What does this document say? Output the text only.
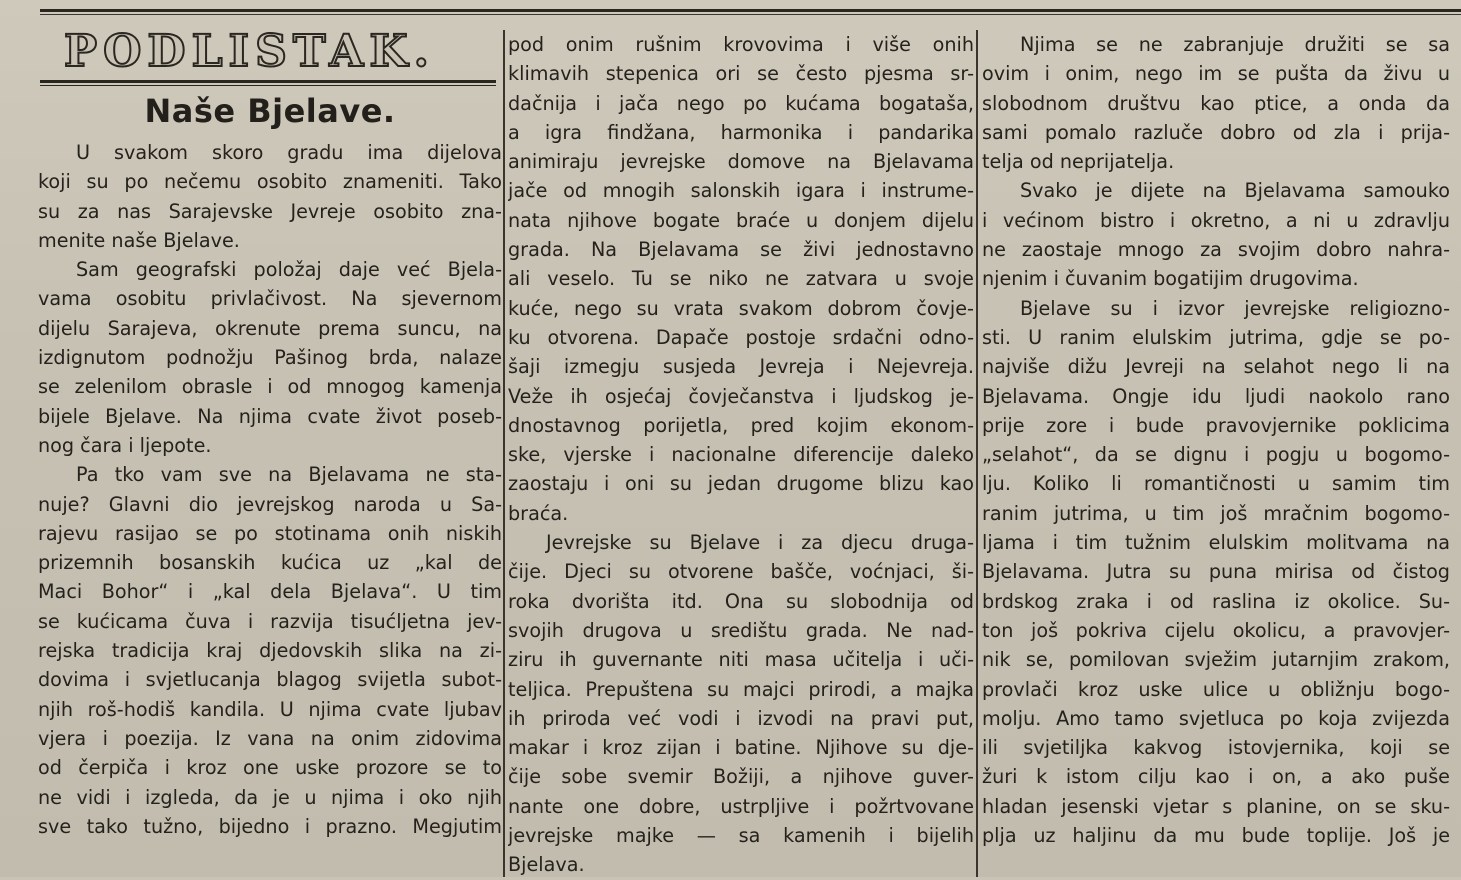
PODLISTAK.
Naše Bjelave.
U svakom skoro gradu ima dijelova
koji su po nečemu osobito znameniti. Tako
su za nas Sarajevske Jevreje osobito zna-
menite naše Bjelave.
Sam geografski položaj daje već Bjela-
vama osobitu privlačivost. Na sjevernom
dijelu Sarajeva, okrenute prema suncu, na
izdignutom podnožju Pašinog brda, nalaze
se zelenilom obrasle i od mnogog kamenja
bijele Bjelave. Na njima cvate život poseb-
nog čara i ljepote.
Pa tko vam sve na Bjelavama ne sta-
nuje? Glavni dio jevrejskog naroda u Sa-
rajevu rasijao se po stotinama onih niskih
prizemnih bosanskih kućica uz „kal de
Maci Bohor“ i „kal dela Bjelava“. U tim
se kućicama čuva i razvija tisućljetna jev-
rejska tradicija kraj djedovskih slika na zi-
dovima i svjetlucanja blagog svijetla subot-
njih roš-hodiš kandila. U njima cvate ljubav
vjera i poezija. Iz vana na onim zidovima
od čerpiča i kroz one uske prozore se to
ne vidi i izgleda, da je u njima i oko njih
sve tako tužno, bijedno i prazno. Megjutim
pod onim rušnim krovovima i više onih
klimavih stepenica ori se često pjesma sr-
dačnija i jača nego po kućama bogataša,
a igra findžana, harmonika i pandarika
animiraju jevrejske domove na Bjelavama
jače od mnogih salonskih igara i instrume-
nata njihove bogate braće u donjem dijelu
grada. Na Bjelavama se živi jednostavno
ali veselo. Tu se niko ne zatvara u svoje
kuće, nego su vrata svakom dobrom čovje-
ku otvorena. Dapače postoje srdačni odno-
šaji izmegju susjeda Jevreja i Nejevreja.
Veže ih osjećaj čovječanstva i ljudskog je-
dnostavnog porijetla, pred kojim ekonom-
ske, vjerske i nacionalne diferencije daleko
zaostaju i oni su jedan drugome blizu kao
braća.
Jevrejske su Bjelave i za djecu druga-
čije. Djeci su otvorene bašče, voćnjaci, ši-
roka dvorišta itd. Ona su slobodnija od
svojih drugova u središtu grada. Ne nad-
ziru ih guvernante niti masa učitelja i uči-
teljica. Prepuštena su majci prirodi, a majka
ih priroda već vodi i izvodi na pravi put,
makar i kroz zijan i batine. Njihove su dje-
čije sobe svemir Božiji, a njihove guver-
nante one dobre, ustrpljive i požrtvovane
jevrejske majke — sa kamenih i bijelih
Bjelava.
Njima se ne zabranjuje družiti se sa
ovim i onim, nego im se pušta da živu u
slobodnom društvu kao ptice, a onda da
sami pomalo razluče dobro od zla i prija-
telja od neprijatelja.
Svako je dijete na Bjelavama samouko
i većinom bistro i okretno, a ni u zdravlju
ne zaostaje mnogo za svojim dobro nahra-
njenim i čuvanim bogatijim drugovima.
Bjelave su i izvor jevrejske religiozno-
sti. U ranim elulskim jutrima, gdje se po-
najviše dižu Jevreji na selahot nego li na
Bjelavama. Ongje idu ljudi naokolo rano
prije zore i bude pravovjernike poklicima
„selahot“, da se dignu i pogju u bogomo-
lju. Koliko li romantičnosti u samim tim
ranim jutrima, u tim još mračnim bogomo-
ljama i tim tužnim elulskim molitvama na
Bjelavama. Jutra su puna mirisa od čistog
brdskog zraka i od raslina iz okolice. Su-
ton još pokriva cijelu okolicu, a pravovjer-
nik se, pomilovan svježim jutarnjim zrakom,
provlači kroz uske ulice u obližnju bogo-
molju. Amo tamo svjetluca po koja zvijezda
ili svjetiljka kakvog istovjernika, koji se
žuri k istom cilju kao i on, a ako puše
hladan jesenski vjetar s planine, on se sku-
plja uz haljinu da mu bude toplije. Još je
